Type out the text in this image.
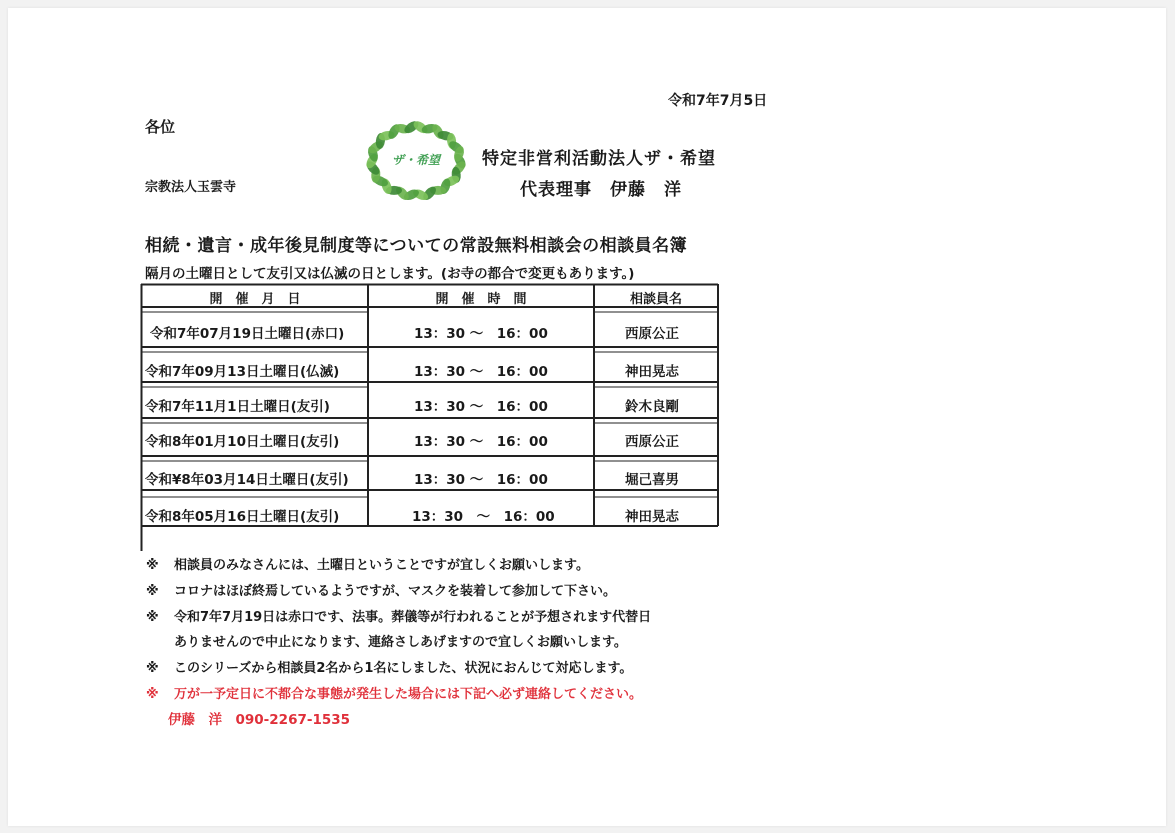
令和7年7月5日
各位
宗教法人玉雲寺
ザ・希望	特定非営利活動法人ザ・希望
代表理事　伊藤　洋
相続・遺言・成年後見制度等についての常設無料相談会の相談員名簿
隔月の土曜日として友引又は仏滅の日とします。(お寺の都合で変更もあります。)
開　催　月　日	開　催　時　間	相談員名
令和7年07月19日土曜日(赤口)	13：30 ～　16：00	西原公正
令和7年09月13日土曜日(仏滅)	13：30 ～　16：00	神田晃志
令和7年11月1日土曜日(友引)	13：30 ～　16：00	鈴木良剛
令和8年01月10日土曜日(友引)	13：30 ～　16：00	西原公正
令和¥8年03月14日土曜日(友引)	13：30 ～　16：00	堀己喜男
令和8年05月16日土曜日(友引)	13：30　～　16：00	神田晃志
※ 相談員のみなさんには、土曜日ということですが宜しくお願いします。
※ コロナはほぼ終焉しているようですが、マスクを装着して参加して下さい。
※ 令和7年7月19日は赤口です、法事。葬儀等が行われることが予想されます代替日
ありませんので中止になります、連絡さしあげますので宜しくお願いします。
※ このシリーズから相談員2名から1名にしました、状況におんじて対応します。
※ 万が一予定日に不都合な事態が発生した場合には下記へ必ず連絡してください。
伊藤　洋　090-2267-1535
